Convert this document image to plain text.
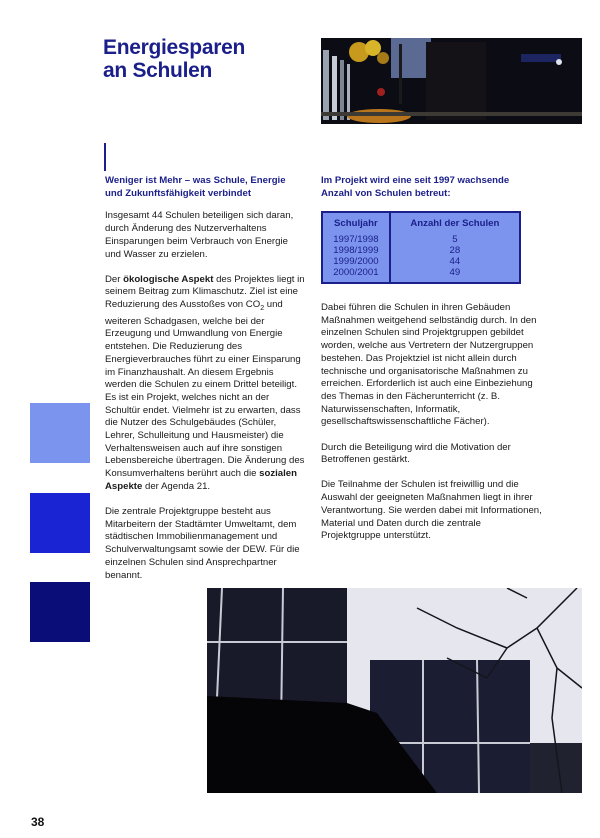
Energiesparen
an Schulen
Weniger ist Mehr – was Schule, Energie und Zukunftsfähigkeit verbindet

Insgesamt 44 Schulen beteiligen sich daran, durch Änderung des Nutzerverhaltens Einsparungen beim Verbrauch von Energie und Wasser zu erzielen.

Der ökologische Aspekt des Projektes liegt in seinem Beitrag zum Klimaschutz. Ziel ist eine Reduzierung des Ausstoßes von $CO_2$ und weiteren Schadgasen, welche bei der Erzeugung und Umwandlung von Energie entstehen. Die Reduzierung des Energieverbrauches führt zu einer Einsparung im Finanzhaushalt. An diesem Ergebnis werden die Schulen zu einem Drittel beteiligt. Es ist ein Projekt, welches nicht an der Schultür endet. Vielmehr ist zu erwarten, dass die Nutzer des Schulgebäudes (Schüler, Lehrer, Schulleitung und Hausmeister) die Verhaltensweisen auch auf ihre sonstigen Lebensbereiche übertragen. Die Änderung des Konsumverhaltens berührt auch die sozialen Aspekte der Agenda 21.

Die zentrale Projektgruppe besteht aus Mitarbeitern der Stadtämter Umweltamt, dem städtischen Immobilienmanagement und Schulverwaltungsamt sowie der DEW. Für die einzelnen Schulen sind Ansprechpartner benannt.

Im Projekt wird eine seit 1997 wachsende Anzahl von Schulen betreut:
Schuljahr	Anzahl der Schulen
1997/1998	5
1998/1999	28
1999/2000	44
2000/2001	49

Dabei führen die Schulen in ihren Gebäuden Maßnahmen weitgehend selbständig durch. In den einzelnen Schulen sind Projektgruppen gebildet worden, welche aus Vertretern der Nutzergruppen bestehen. Das Projektziel ist nicht allein durch technische und organisatorische Maßnahmen zu erreichen. Erforderlich ist auch eine Einbeziehung des Themas in den Fächerunterricht (z. B. Naturwissenschaften, Informatik, gesellschaftswissenschaftliche Fächer).

Durch die Beteiligung wird die Motivation der Betroffenen gestärkt.

Die Teilnahme der Schulen ist freiwillig und die Auswahl der geeigneten Maßnahmen liegt in ihrer Verantwortung. Sie werden dabei mit Informationen, Material und Daten durch die zentrale Projektgruppe unterstützt.

38
